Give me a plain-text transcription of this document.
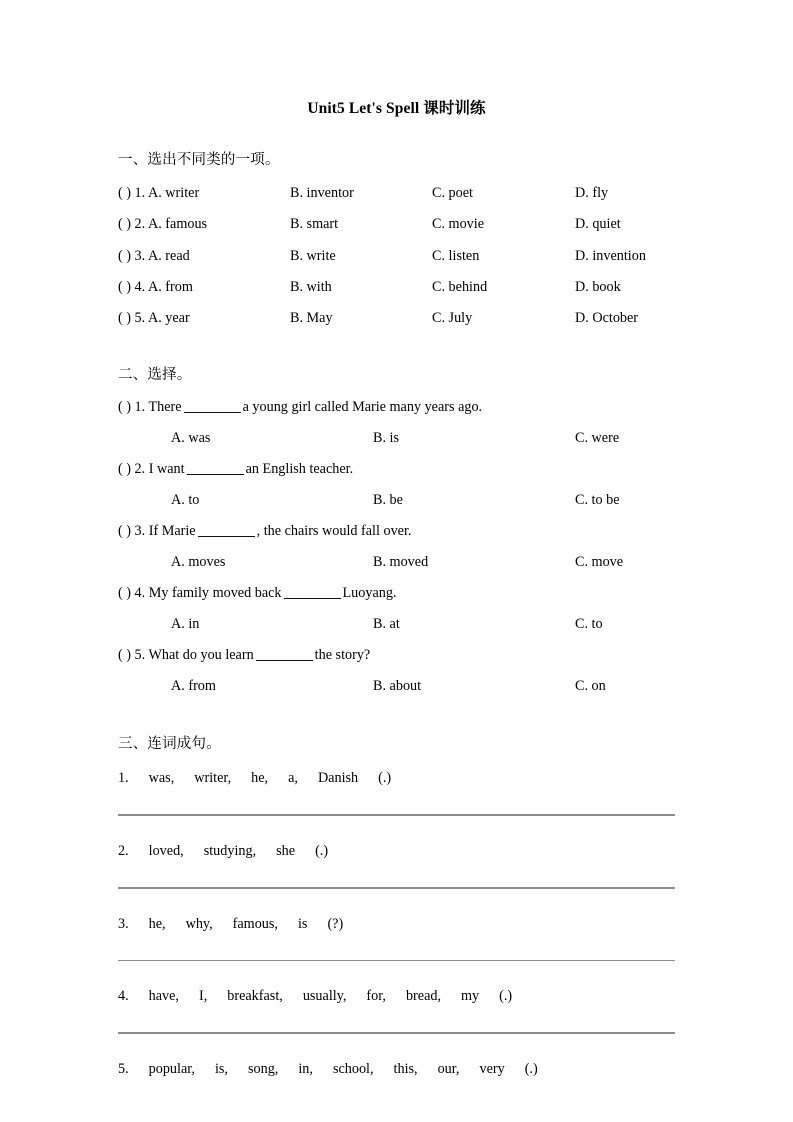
Unit5 Let's Spell 课时训练
一、选出不同类的一项。
( ) 1. A. writer	B. inventor	C. poet	D. fly
( ) 2. A. famous	B. smart	C. movie	D. quiet
( ) 3. A. read	B. write	C. listen	D. invention
( ) 4. A. from	B. with	C. behind	D. book
( ) 5. A. year	B. May	C. July	D. October
二、选择。
( ) 1. There	a young girl called Marie many years ago.
A. was	B. is	C. were
( ) 2. I want	an English teacher.
A. to	B. be	C. to be
( ) 3. If Marie	, the chairs would fall over.
A. moves	B. moved	C. move
( ) 4. My family moved back	Luoyang.
A. in	B. at	C. to
( ) 5. What do you learn	the story?
A. from	B. about	C. on
三、连词成句。
1. was, writer, he, a, Danish (.)
2. loved, studying, she (.)
3. he, why, famous, is (?)
4. have, I, breakfast, usually, for, bread, my (.)
5. popular, is, song, in, school, this, our, very (.)
